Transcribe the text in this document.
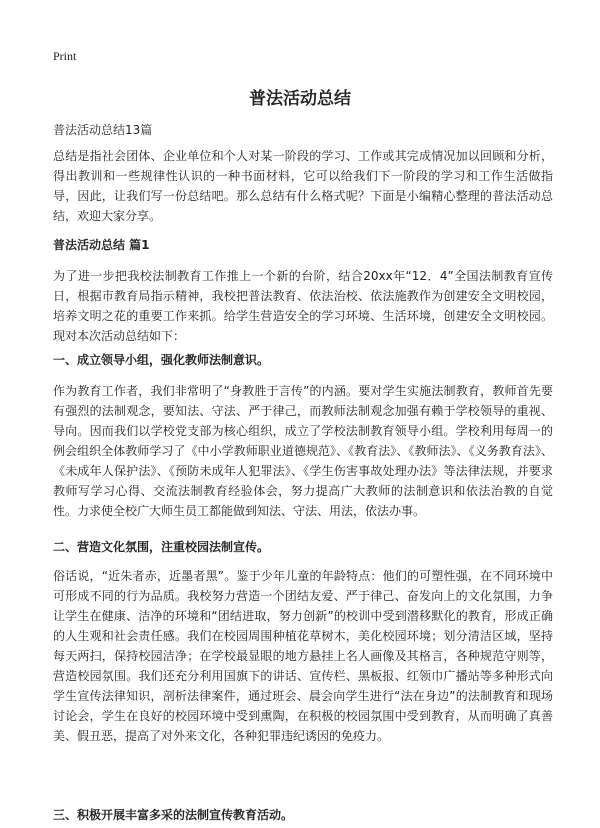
Print
普法活动总结
普法活动总结13篇

总结是指社会团体、企业单位和个人对某一阶段的学习、工作或其完成情况加以回顾和分析，得出教训和一些规律性认识的一种书面材料，它可以给我们下一阶段的学习和工作生活做指导，因此，让我们写一份总结吧。那么总结有什么格式呢？下面是小编精心整理的普法活动总结，欢迎大家分享。

普法活动总结 篇1

为了进一步把我校法制教育工作推上一个新的台阶，结合20xx年“12．4”全国法制教育宣传日，根据市教育局指示精神，我校把普法教育、依法治校、依法施教作为创建安全文明校园，培养文明之花的重要工作来抓。给学生营造安全的学习环境、生活环境，创建安全文明校园。现对本次活动总结如下：

一、成立领导小组，强化教师法制意识。

作为教育工作者，我们非常明了“身教胜于言传”的内涵。要对学生实施法制教育，教师首先要有强烈的法制观念，要知法、守法、严于律己，而教师法制观念加强有赖于学校领导的重视、导向。因而我们以学校党支部为核心组织，成立了学校法制教育领导小组。学校利用每周一的例会组织全体教师学习了《中小学教师职业道德规范》、《教育法》、《教师法》、《义务教育法》、《未成年人保护法》、《预防未成年人犯罪法》、《学生伤害事故处理办法》等法律法规，并要求教师写学习心得、交流法制教育经验体会，努力提高广大教师的法制意识和依法治教的自觉性。力求使全校广大师生员工都能做到知法、守法、用法，依法办事。

二、营造文化氛围，注重校园法制宣传。

俗话说，“近朱者赤，近墨者黑”。鉴于少年儿童的年龄特点：他们的可塑性强，在不同环境中可形成不同的行为品质。我校努力营造一个团结友爱、严于律己、奋发向上的文化氛围，力争让学生在健康、洁净的环境和“团结进取，努力创新”的校训中受到潜移默化的教育，形成正确的人生观和社会责任感。我们在校园周围种植花草树木，美化校园环境；划分清洁区域，坚持每天两扫，保持校园洁净；在学校最显眼的地方悬挂上名人画像及其格言，各种规范守则等，营造校园氛围。我们还充分利用国旗下的讲话、宣传栏、黑板报、红领巾广播站等多种形式向学生宣传法律知识，剖析法律案件，通过班会、晨会向学生进行“法在身边”的法制教育和现场讨论会，学生在良好的校园环境中受到熏陶，在积极的校园氛围中受到教育，从而明确了真善美、假丑恶，提高了对外来文化，各种犯罪违纪诱因的免疫力。

三、积极开展丰富多采的法制宣传教育活动。
